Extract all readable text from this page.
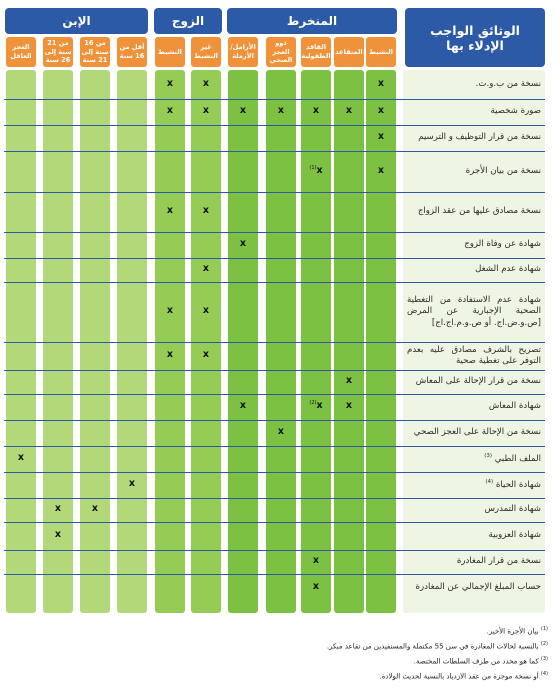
الوثائق الواجب الإدلاء بها
المنخرط
الزوج
الإبن
النشيط
المتقاعد
الفاقد الطفولية
ذوو العجز الصحي
الأرامل/ الأرملة
غير النشيط
النشيط
أقل من 16 سنة
من 16 سنة إلى 21 سنة
من 21 سنة إلى 26 سنة
العجز العاقل
نسخة من ب.و.ت.
x
x
x
صورة شخصية
x
x
x
x
x
x
x
نسخة من قرار التوظيف و الترسيم
x
نسخة من بيان الأجرة
x
$^{(1)}$x
نسخة مصادق عليها من عقد الزواج
x
x
شهادة عن وفاة الزوج
x
شهادة عدم الشغل
x
شهادة عدم الاستفادة من التغطية الصحية الإجبارية عن المرض [ص.و.ض.اج. أو ص.و.م.اج.اج]
x
x
تصريح بالشرف مصادق عليه بعدم التوفر على تغطية صحية
x
x
نسخة من قرار الإحالة على المعاش
x
شهادة المعاش
x
$^{(2)}$x
x
نسخة من الإحالة على العجز الصحي
x
الملف الطبي $^{(3)}$
x
شهادة الحياة $^{(4)}$
x
شهادة التمدرس
x
x
شهادة العزوبية
x
نسخة من قرار المغادرة
x
حساب المبلغ الإجمالي عن المغادرة
x
$^{(1)}$ بيان الأجرة الأخير.
$^{(2)}$ بالنسبة لحالات المغادرة في سن 55 مكتملة والمستفيدين من تقاعد مبكر.
$^{(3)}$ كما هو محدد من طرف السلطات المختصة.
$^{(4)}$ أو نسخة موجزة من عقد الازدياد بالنسبة لحديث الولادة.
